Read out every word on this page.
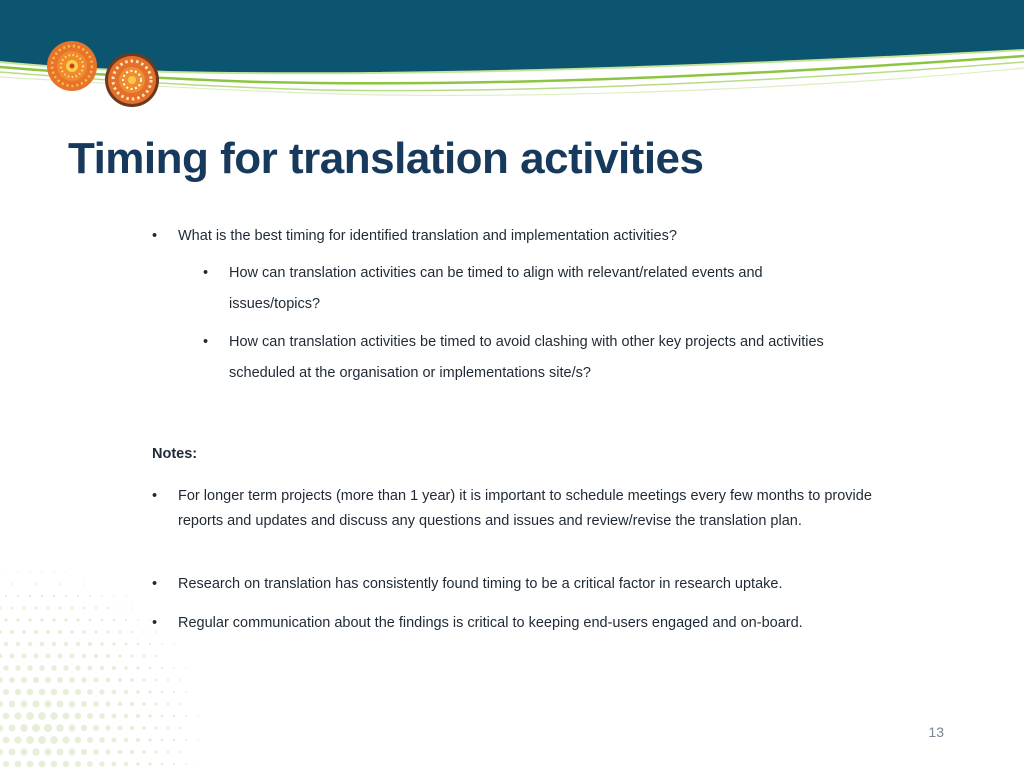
Timing for translation activities
•	What is the best timing for identified translation and implementation activities?
•	How can translation activities can be timed to align with relevant/related events and issues/topics?
•	How can translation activities be timed to avoid clashing with other key projects and activities scheduled at the organisation or implementations site/s?
Notes:
•	For longer term projects (more than 1 year) it is important to schedule meetings every few months to provide reports and updates and discuss any questions and issues and review/revise the translation plan.
•	Research on translation has consistently found timing to be a critical factor in research uptake.
•	Regular communication about the findings is critical to keeping end-users engaged and on-board.
13
